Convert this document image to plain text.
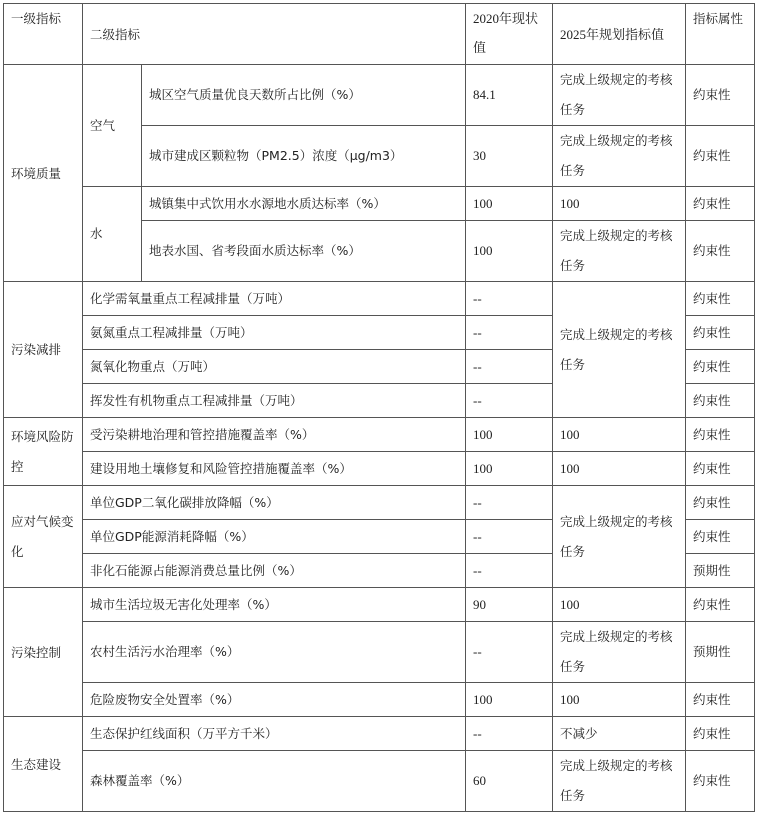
一级指标	二级指标		2020年现状值	2025年规划指标值	指标属性
环境质量	空气	城区空气质量优良天数所占比例（%）	84.1	完成上级规定的考核任务	约束性
		城市建成区颗粒物（PM2.5）浓度（μg/m3）	30	完成上级规定的考核任务	约束性
	水	城镇集中式饮用水水源地水质达标率（%）	100	100	约束性
		地表水国、省考段面水质达标率（%）	100	完成上级规定的考核任务	约束性
污染减排	化学需氧量重点工程减排量（万吨）		--	完成上级规定的考核任务	约束性
	氨氮重点工程减排量（万吨）		--		约束性
	氮氧化物重点（万吨）		--		约束性
	挥发性有机物重点工程减排量（万吨）		--		约束性
环境风险防控	受污染耕地治理和管控措施覆盖率（%）		100	100	约束性
	建设用地土壤修复和风险管控措施覆盖率（%）		100	100	约束性
应对气候变化	单位GDP二氧化碳排放降幅（%）		--	完成上级规定的考核任务	约束性
	单位GDP能源消耗降幅（%）		--		约束性
	非化石能源占能源消费总量比例（%）		--		预期性
污染控制	城市生活垃圾无害化处理率（%）		90	100	约束性
	农村生活污水治理率（%）		--	完成上级规定的考核任务	预期性
	危险废物安全处置率（%）		100	100	约束性
生态建设	生态保护红线面积（万平方千米）		--	不减少	约束性
	森林覆盖率（%）		60	完成上级规定的考核任务	约束性
